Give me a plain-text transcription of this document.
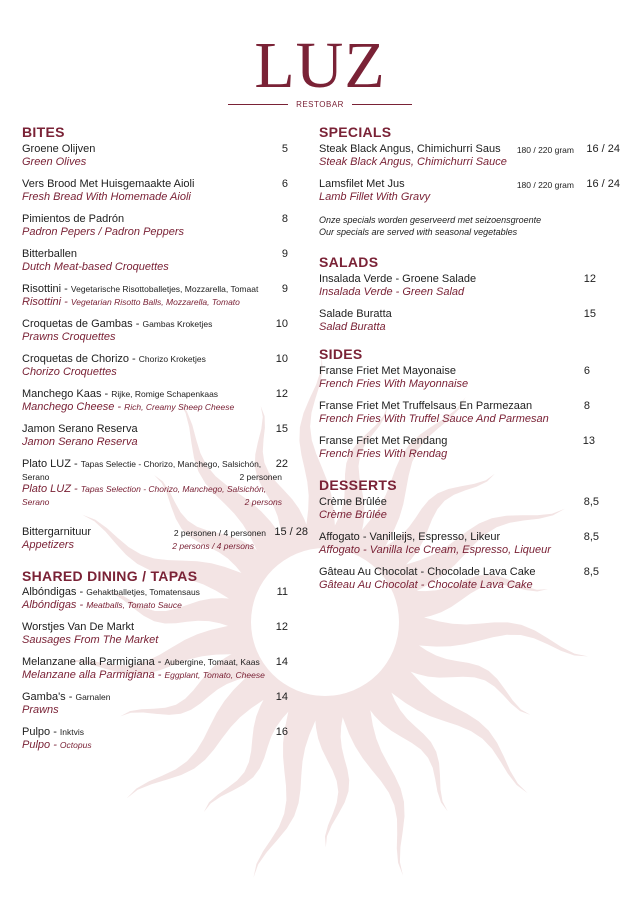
LUZ
RESTOBAR
BITES
Groene Olijven
Green Olives
5
Vers Brood Met Huisgemaakte Aioli
Fresh Bread With Homemade Aioli
6
Pimientos de Padrón
Padron Pepers / Padron Peppers
8
Bitterballen
Dutch Meat-based Croquettes
9
Risottini - Vegetarische Risottoballetjes, Mozzarella, Tomaat
Risottini - Vegetarian Risotto Balls, Mozzarella, Tomato
9
Croquetas de Gambas - Gambas Kroketjes
Prawns Croquettes
10
Croquetas de Chorizo - Chorizo Kroketjes
Chorizo Croquettes
10
Manchego Kaas - Rijke, Romige Schapenkaas
Manchego Cheese - Rich, Creamy Sheep Cheese
12
Jamon Serano Reserva
Jamon Serano Reserva
15
Plato LUZ - Tapas Selectie - Chorizo, Manchego, Salsichón,
Serano	2 personen
Plato LUZ - Tapas Selection - Chorizo, Manchego, Salsichón,
Serano	2 persons
22
Bittergarnituur
Appetizers
2 personen / 4 personen
2 persons / 4 persons
15 / 28
SHARED DINING / TAPAS
Albóndigas - Gehaktballetjes, Tomatensaus
Albóndigas - Meatballs, Tomato Sauce
11
Worstjes Van De Markt
Sausages From The Market
12
Melanzane alla Parmigiana - Aubergine, Tomaat, Kaas
Melanzane alla Parmigiana - Eggplant, Tomato, Cheese
14
Gamba's - Garnalen
Prawns
14
Pulpo - Inktvis
Pulpo - Octopus
16
SPECIALS
Steak Black Angus, Chimichurri Saus
Steak Black Angus, Chimichurri Sauce
180 / 220 gram 16 / 24
Lamsfilet Met Jus
Lamb Fillet With Gravy
180 / 220 gram 16 / 24
Onze specials worden geserveerd met seizoensgroente
Our specials are served with seasonal vegetables
SALADS
Insalada Verde - Groene Salade
Insalada Verde - Green Salad
12
Salade Buratta
Salad Buratta
15
SIDES
Franse Friet Met Mayonaise
French Fries With Mayonnaise
6
Franse Friet Met Truffelsaus En Parmezaan
French Fries With Truffel Sauce And Parmesan
8
Franse Friet Met Rendang
French Fries With Rendag
13
DESSERTS
Crème Brûlée
Crème Brûlée
8,5
Affogato - Vanilleijs, Espresso, Likeur
Affogato - Vanilla Ice Cream, Espresso, Liqueur
8,5
Gâteau Au Chocolat - Chocolade Lava Cake
Gâteau Au Chocolat - Chocolate Lava Cake
8,5
